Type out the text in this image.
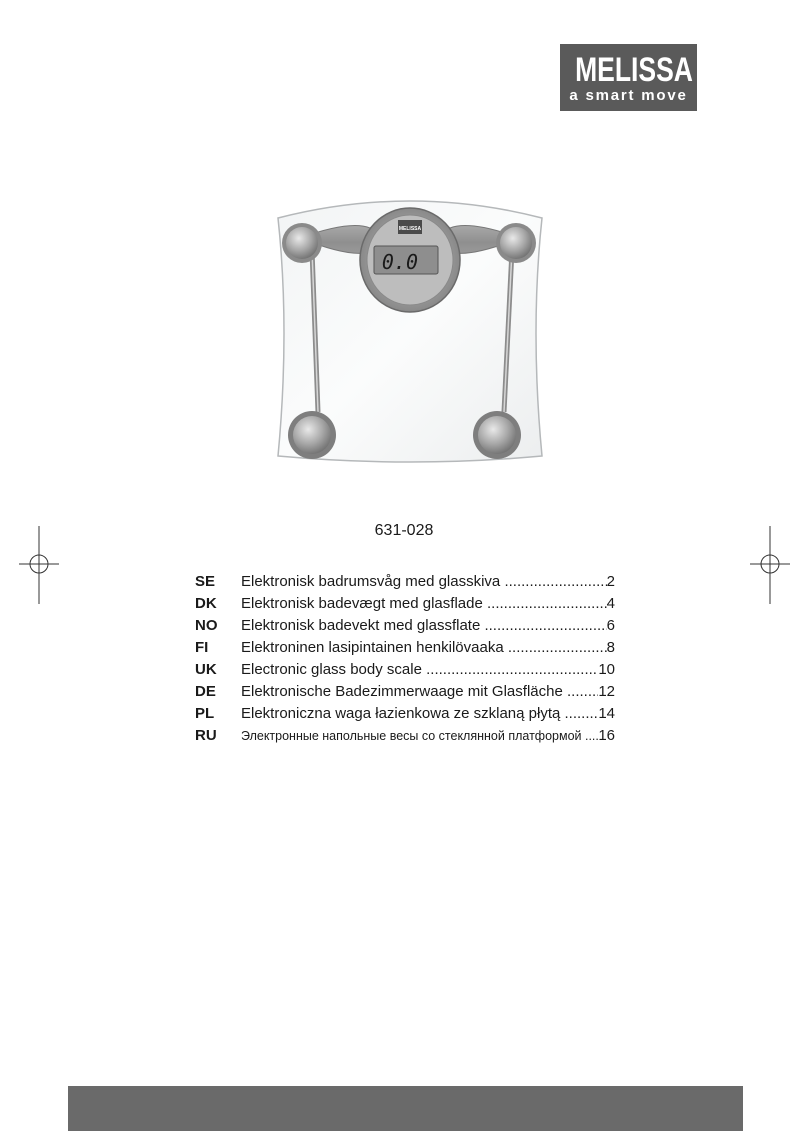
MELISSA
a smart move
MELISSA
0.0
631-028
SE	Elektronisk badrumsvåg med glasskiva .....	2
DK	Elektronisk badevægt med glasflade .....	4
NO	Elektronisk badevekt med glassflate .....	6
FI	Elektroninen lasipintainen henkilövaaka .....	8
UK	Electronic glass body scale .....	10
DE	Elektronische Badezimmerwaage mit Glasfläche .....	12
PL	Elektroniczna waga łazienkowa ze szklaną płytą .....	14
RU	Электронные напольные весы со стеклянной платформой .....	16
